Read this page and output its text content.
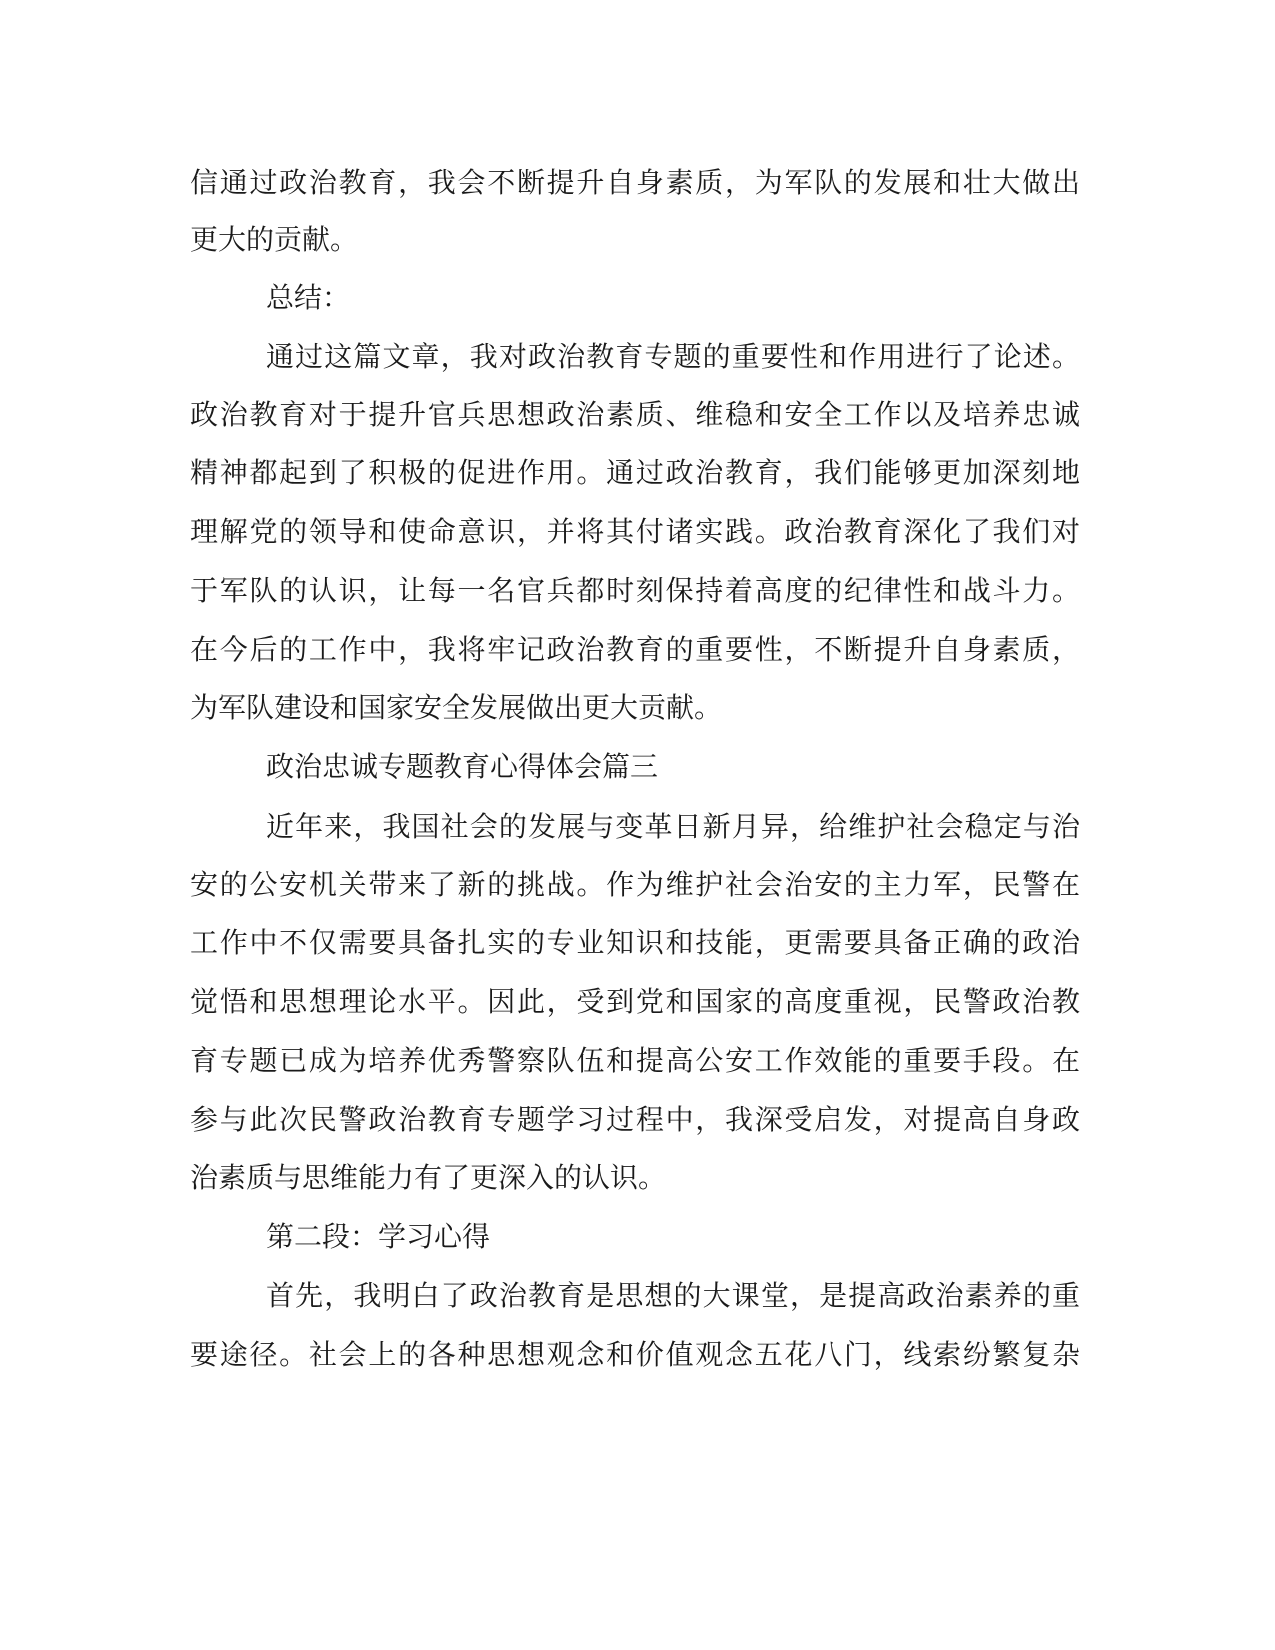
信通过政治教育，我会不断提升自身素质，为军队的发展和壮大做出
更大的贡献。
总结：
通过这篇文章，我对政治教育专题的重要性和作用进行了论述。
政治教育对于提升官兵思想政治素质、维稳和安全工作以及培养忠诚
精神都起到了积极的促进作用。通过政治教育，我们能够更加深刻地
理解党的领导和使命意识，并将其付诸实践。政治教育深化了我们对
于军队的认识，让每一名官兵都时刻保持着高度的纪律性和战斗力。
在今后的工作中，我将牢记政治教育的重要性，不断提升自身素质，
为军队建设和国家安全发展做出更大贡献。
政治忠诚专题教育心得体会篇三
近年来，我国社会的发展与变革日新月异，给维护社会稳定与治
安的公安机关带来了新的挑战。作为维护社会治安的主力军，民警在
工作中不仅需要具备扎实的专业知识和技能，更需要具备正确的政治
觉悟和思想理论水平。因此，受到党和国家的高度重视，民警政治教
育专题已成为培养优秀警察队伍和提高公安工作效能的重要手段。在
参与此次民警政治教育专题学习过程中，我深受启发，对提高自身政
治素质与思维能力有了更深入的认识。
第二段：学习心得
首先，我明白了政治教育是思想的大课堂，是提高政治素养的重
要途径。社会上的各种思想观念和价值观念五花八门，线索纷繁复杂
